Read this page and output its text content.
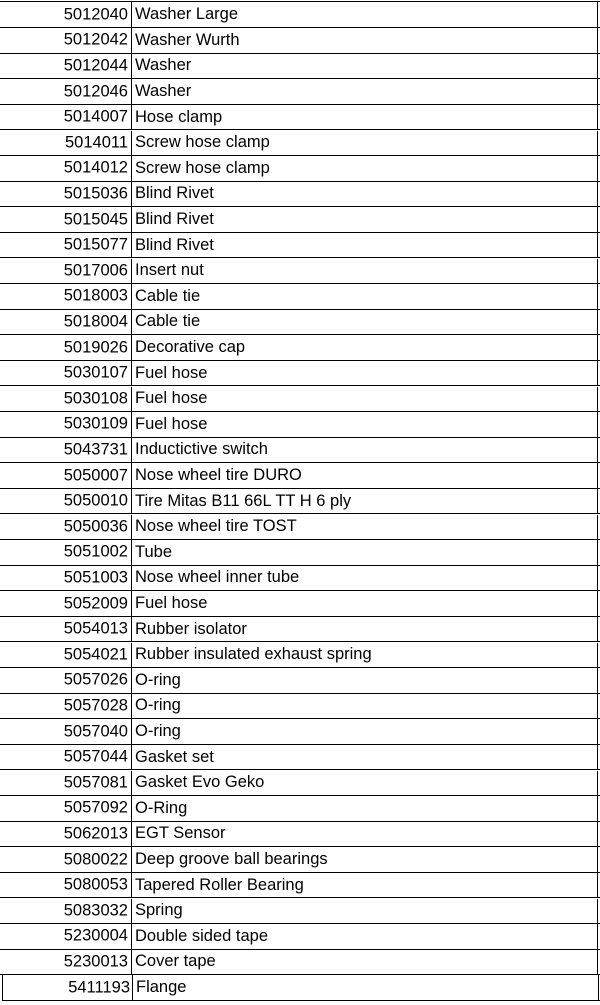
5012040 Washer Large
5012042 Washer Wurth
5012044 Washer
5012046 Washer
5014007 Hose clamp
5014011 Screw hose clamp
5014012 Screw hose clamp
5015036 Blind Rivet
5015045 Blind Rivet
5015077 Blind Rivet
5017006 Insert nut
5018003 Cable tie
5018004 Cable tie
5019026 Decorative cap
5030107 Fuel hose
5030108 Fuel hose
5030109 Fuel hose
5043731 Inductictive switch
5050007 Nose wheel tire DURO
5050010 Tire Mitas B11 66L TT H 6 ply
5050036 Nose wheel tire TOST
5051002 Tube
5051003 Nose wheel inner tube
5052009 Fuel hose
5054013 Rubber isolator
5054021 Rubber insulated exhaust spring
5057026 O-ring
5057028 O-ring
5057040 O-ring
5057044 Gasket set
5057081 Gasket Evo Geko
5057092 O-Ring
5062013 EGT Sensor
5080022 Deep groove ball bearings
5080053 Tapered Roller Bearing
5083032 Spring
5230004 Double sided tape
5230013 Cover tape
5411193 Flange
